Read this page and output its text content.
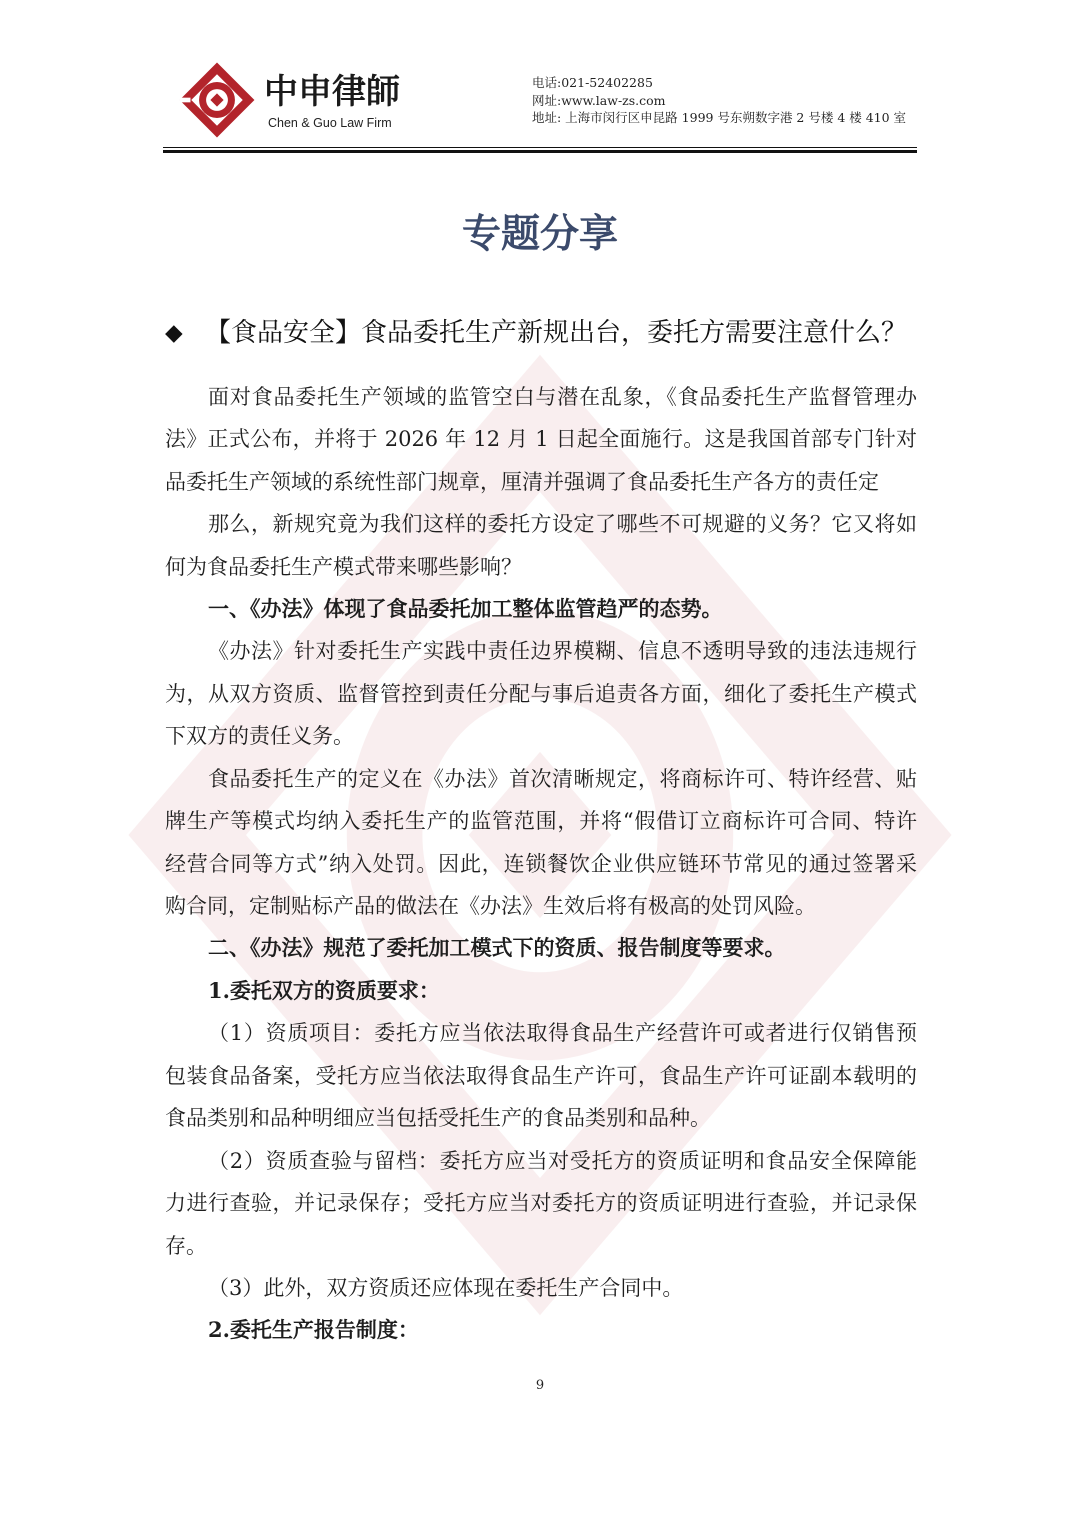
中申律師
Chen & Guo Law Firm
电话:021-52402285
网址:www.law-zs.com
地址: 上海市闵行区申昆路 1999 号东朔数字港 2 号楼 4 楼 410 室
专题分享
◆ 【食品安全】食品委托生产新规出台，委托方需要注意什么？
面对食品委托生产领域的监管空白与潜在乱象，《食品委托生产监督管理办
法》正式公布，并将于 2026 年 12 月 1 日起全面施行。这是我国首部专门针对
品委托生产领域的系统性部门规章，厘清并强调了食品委托生产各方的责任定
那么，新规究竟为我们这样的委托方设定了哪些不可规避的义务？它又将如
何为食品委托生产模式带来哪些影响？
一、《办法》体现了食品委托加工整体监管趋严的态势。
《办法》针对委托生产实践中责任边界模糊、信息不透明导致的违法违规行
为，从双方资质、监督管控到责任分配与事后追责各方面，细化了委托生产模式
下双方的责任义务。
食品委托生产的定义在《办法》首次清晰规定，将商标许可、特许经营、贴
牌生产等模式均纳入委托生产的监管范围，并将“假借订立商标许可合同、特许
经营合同等方式”纳入处罚。因此，连锁餐饮企业供应链环节常见的通过签署采
购合同，定制贴标产品的做法在《办法》生效后将有极高的处罚风险。
二、《办法》规范了委托加工模式下的资质、报告制度等要求。
1.委托双方的资质要求：
（1）资质项目：委托方应当依法取得食品生产经营许可或者进行仅销售预
包装食品备案，受托方应当依法取得食品生产许可，食品生产许可证副本载明的
食品类别和品种明细应当包括受托生产的食品类别和品种。
（2）资质查验与留档：委托方应当对受托方的资质证明和食品安全保障能
力进行查验，并记录保存；受托方应当对委托方的资质证明进行查验，并记录保
存。
（3）此外，双方资质还应体现在委托生产合同中。
2.委托生产报告制度：
9
